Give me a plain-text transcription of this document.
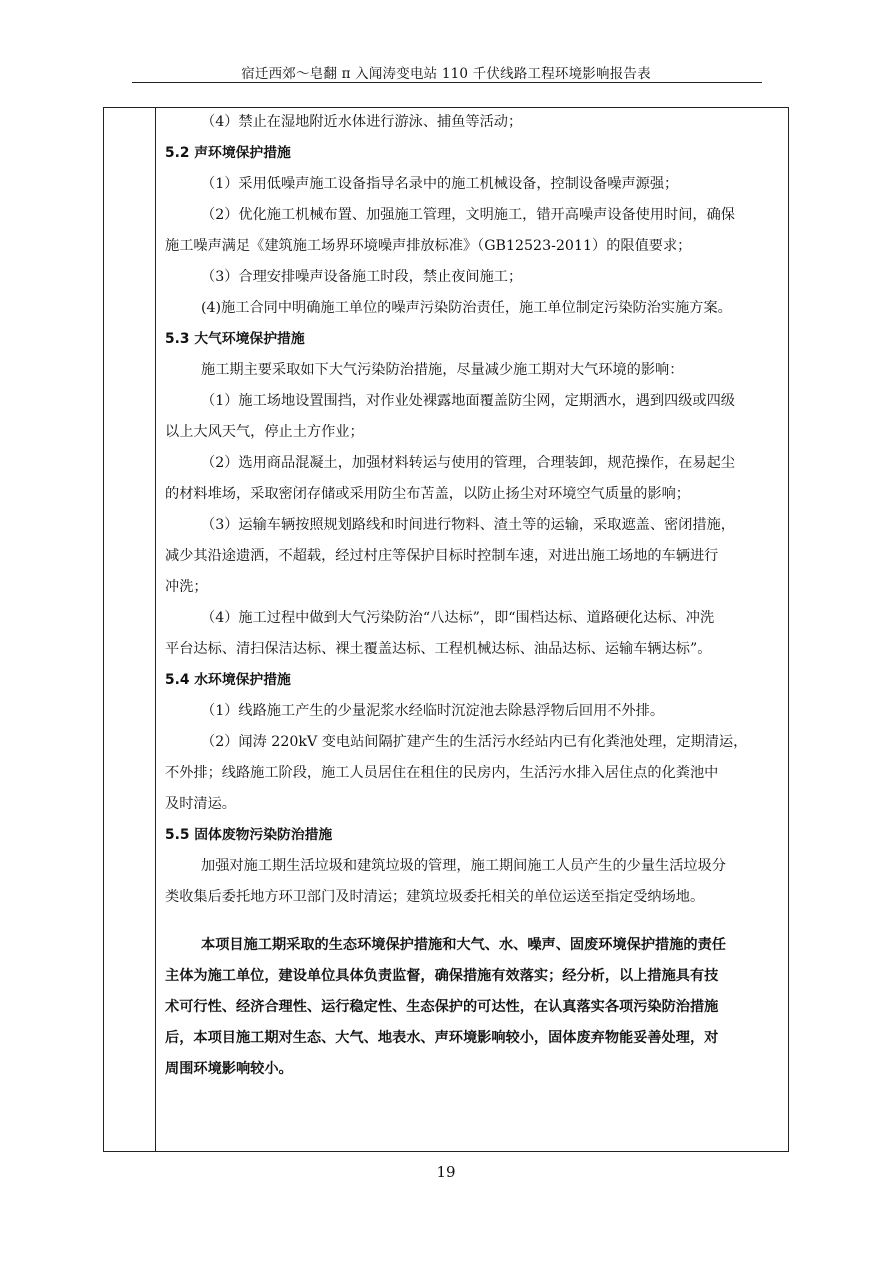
宿迁西郊～皂翻 π 入闻涛变电站 110 千伏线路工程环境影响报告表
（4）禁止在湿地附近水体进行游泳、捕鱼等活动；
5.2 声环境保护措施
（1）采用低噪声施工设备指导名录中的施工机械设备，控制设备噪声源强；
（2）优化施工机械布置、加强施工管理，文明施工，错开高噪声设备使用时间，确保
施工噪声满足《建筑施工场界环境噪声排放标准》（GB12523-2011）的限值要求；
（3）合理安排噪声设备施工时段，禁止夜间施工；
(4)施工合同中明确施工单位的噪声污染防治责任，施工单位制定污染防治实施方案。
5.3 大气环境保护措施
施工期主要采取如下大气污染防治措施，尽量减少施工期对大气环境的影响：
（1）施工场地设置围挡，对作业处裸露地面覆盖防尘网，定期洒水，遇到四级或四级
以上大风天气，停止土方作业；
（2）选用商品混凝土，加强材料转运与使用的管理，合理装卸，规范操作，在易起尘
的材料堆场，采取密闭存储或采用防尘布苫盖，以防止扬尘对环境空气质量的影响；
（3）运输车辆按照规划路线和时间进行物料、渣土等的运输，采取遮盖、密闭措施，
减少其沿途遗洒，不超载，经过村庄等保护目标时控制车速，对进出施工场地的车辆进行
冲洗；
（4）施工过程中做到大气污染防治“八达标”，即“围档达标、道路硬化达标、冲洗
平台达标、清扫保洁达标、裸土覆盖达标、工程机械达标、油品达标、运输车辆达标”。
5.4 水环境保护措施
（1）线路施工产生的少量泥浆水经临时沉淀池去除悬浮物后回用不外排。
（2）闻涛 220kV 变电站间隔扩建产生的生活污水经站内已有化粪池处理，定期清运，
不外排；线路施工阶段，施工人员居住在租住的民房内，生活污水排入居住点的化粪池中
及时清运。
5.5 固体废物污染防治措施
加强对施工期生活垃圾和建筑垃圾的管理，施工期间施工人员产生的少量生活垃圾分
类收集后委托地方环卫部门及时清运；建筑垃圾委托相关的单位运送至指定受纳场地。
本项目施工期采取的生态环境保护措施和大气、水、噪声、固废环境保护措施的责任
主体为施工单位，建设单位具体负责监督，确保措施有效落实；经分析，以上措施具有技
术可行性、经济合理性、运行稳定性、生态保护的可达性，在认真落实各项污染防治措施
后，本项目施工期对生态、大气、地表水、声环境影响较小，固体废弃物能妥善处理，对
周围环境影响较小。
19
